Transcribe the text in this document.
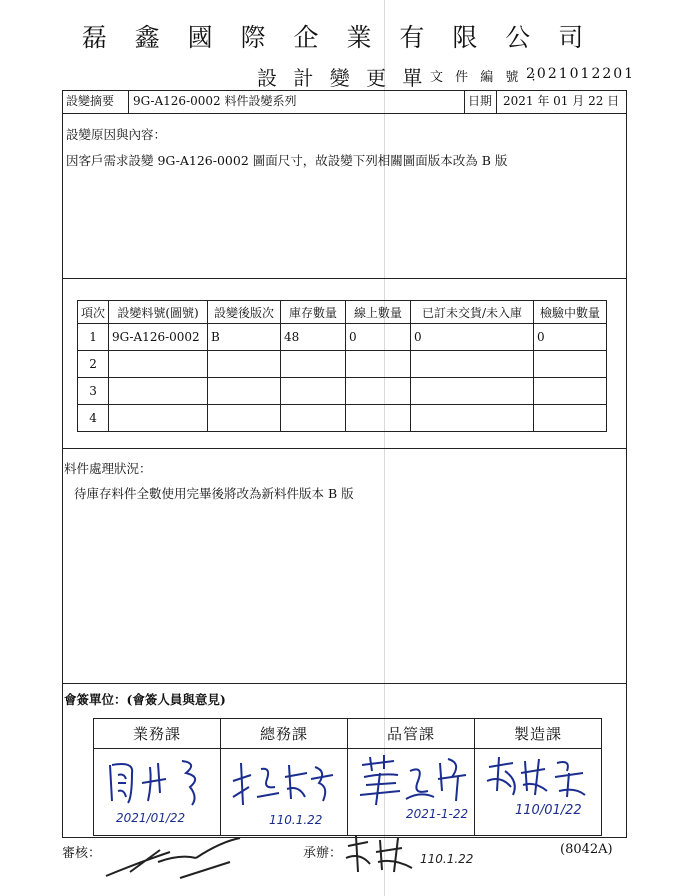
磊 鑫 國 際 企 業 有 限 公 司
設 計 變 更 單 文 件 編 號 ：
2021012201
設變摘要 9G-A126-0002 料件設變系列	日期 2021 年 01 月 22 日
設變原因與內容：
因客戶需求設變 9G-A126-0002 圖面尺寸，故設變下列相關圖面版本改為 B 版
項次	設變料號(圖號)	設變後版次	庫存數量	線上數量	已訂未交貨/未入庫	檢驗中數量
1	9G-A126-0002	B	48	0	0	0
2						
3						
4						
料件處理狀況：
待庫存料件全數使用完畢後將改為新料件版本 B 版
會簽單位：(會簽人員與意見)
業務課	總務課	品管課	製造課

2021/01/22	110.1.22	2021-1-22	110/01/22
審核：	承辦：	110.1.22
(8042A)
